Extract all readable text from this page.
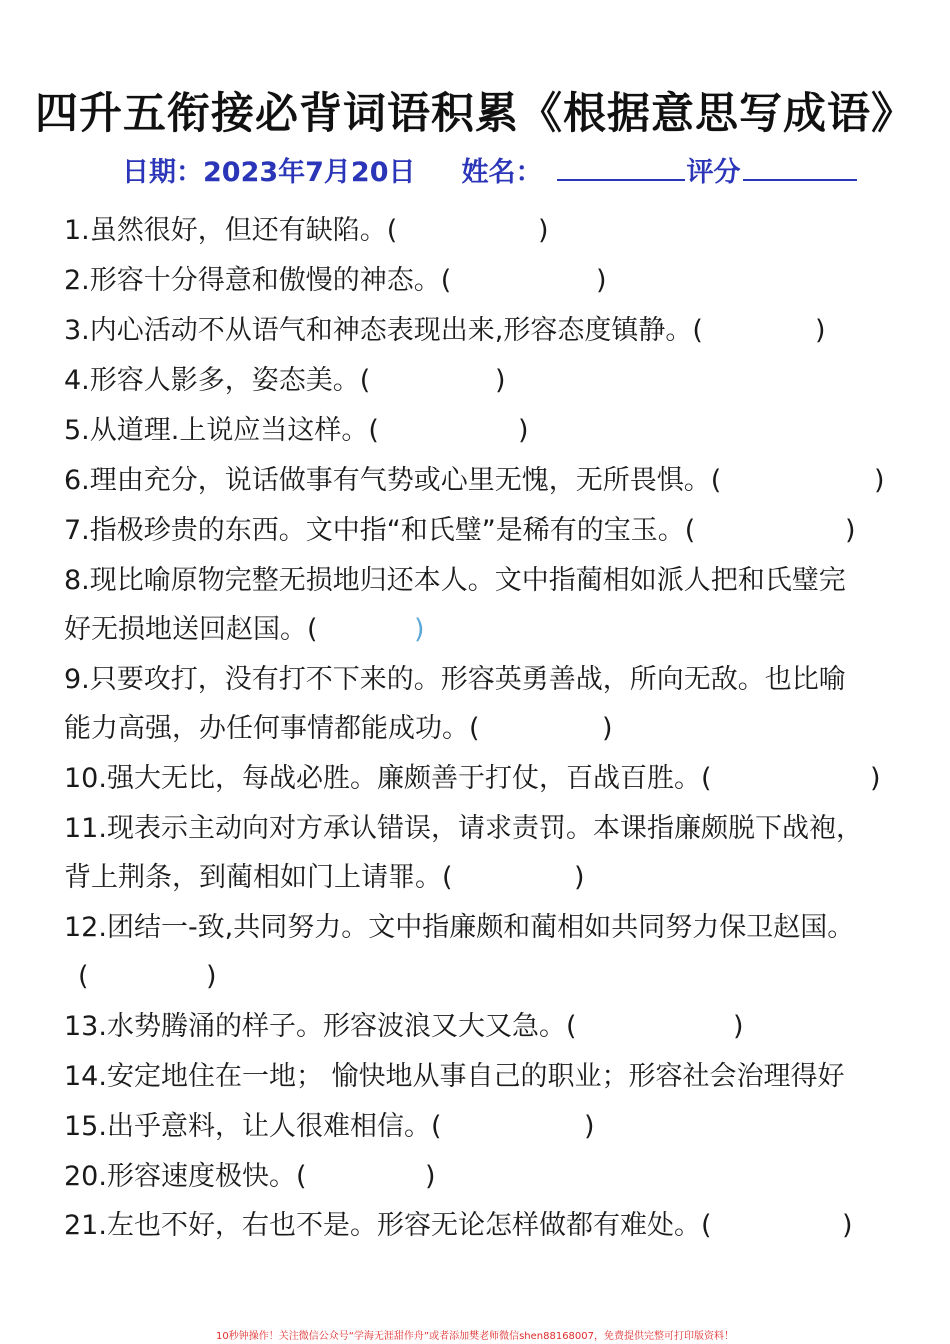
四升五衔接必背词语积累《根据意思写成语》
日期：2023年7月20日 姓名：	评分
1.虽然很好，但还有缺陷。(	)
2.形容十分得意和傲慢的神态。(	)
3.内心活动不从语气和神态表现出来,形容态度镇静。(	)
4.形容人影多，姿态美。(	)
5.从道理.上说应当这样。(	)
6.理由充分，说话做事有气势或心里无愧，无所畏惧。(	)
7.指极珍贵的东西。文中指“和氏璧”是稀有的宝玉。(	)
8.现比喻原物完整无损地归还本人。文中指蔺相如派人把和氏璧完
好无损地送回赵国。(	)
9.只要攻打，没有打不下来的。形容英勇善战，所向无敌。也比喻
能力高强，办任何事情都能成功。(	)
10.强大无比，每战必胜。廉颇善于打仗，百战百胜。(	)
11.现表示主动向对方承认错误，请求责罚。本课指廉颇脱下战袍，
背上荆条，到蔺相如门上请罪。(	)
12.团结一-致,共同努力。文中指廉颇和蔺相如共同努力保卫赵国。
(	)
13.水势腾涌的样子。形容波浪又大又急。(	)
14.安定地住在一地； 愉快地从事自己的职业；形容社会治理得好
15.出乎意料，让人很难相信。(	)
20.形容速度极快。(	)
21.左也不好，右也不是。形容无论怎样做都有难处。(	)
10秒钟操作！关注微信公众号“学海无涯甜作舟”或者添加樊老师微信shen88168007，免费提供完整可打印版资料！
